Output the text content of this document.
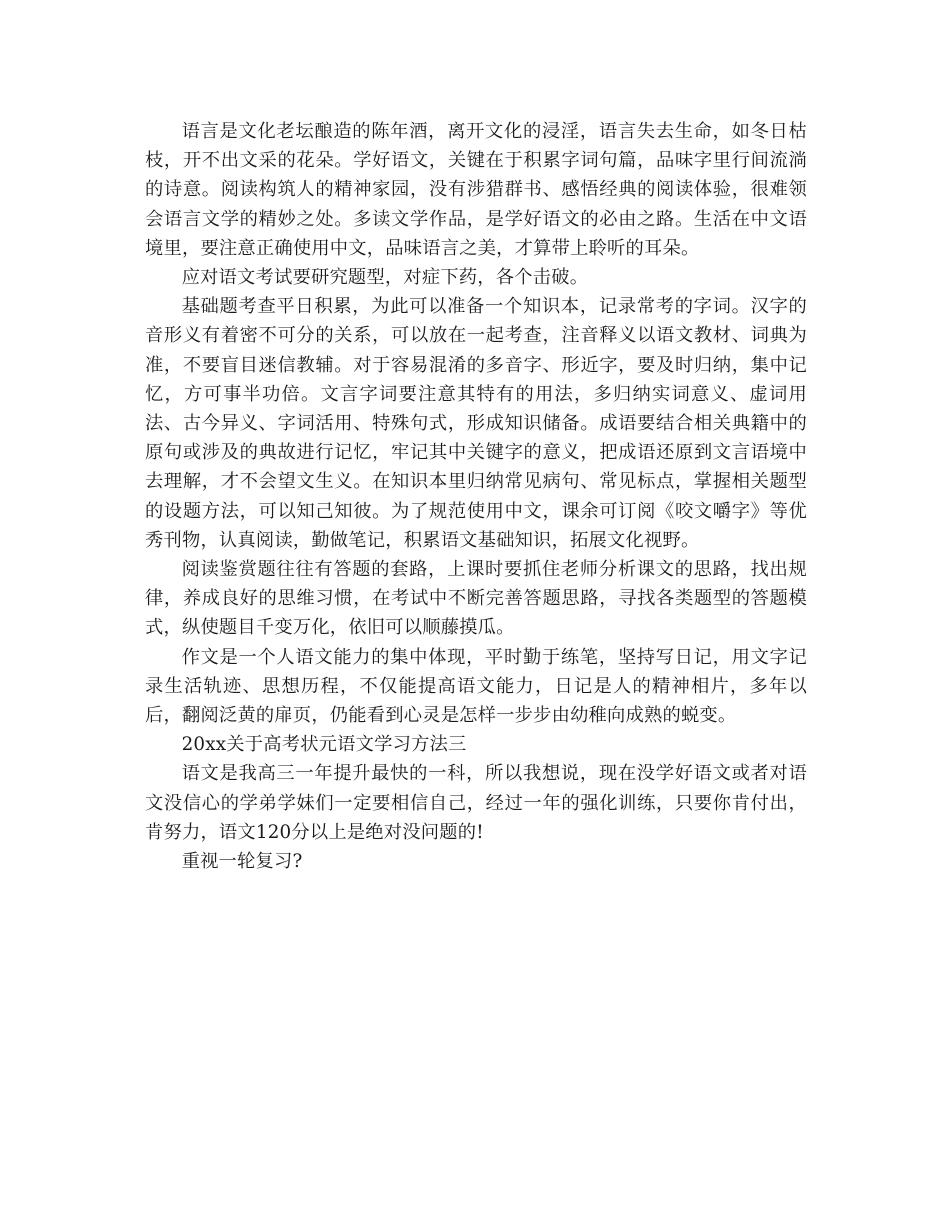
语言是文化老坛酿造的陈年酒，离开文化的浸淫，语言失去生命，如冬日枯枝，开不出文采的花朵。学好语文，关键在于积累字词句篇，品味字里行间流淌的诗意。阅读构筑人的精神家园，没有涉猎群书、感悟经典的阅读体验，很难领会语言文学的精妙之处。多读文学作品，是学好语文的必由之路。生活在中文语境里，要注意正确使用中文，品味语言之美，才算带上聆听的耳朵。

应对语文考试要研究题型，对症下药，各个击破。

基础题考查平日积累，为此可以准备一个知识本，记录常考的字词。汉字的音形义有着密不可分的关系，可以放在一起考查，注音释义以语文教材、词典为准，不要盲目迷信教辅。对于容易混淆的多音字、形近字，要及时归纳，集中记忆，方可事半功倍。文言字词要注意其特有的用法，多归纳实词意义、虚词用法、古今异义、字词活用、特殊句式，形成知识储备。成语要结合相关典籍中的原句或涉及的典故进行记忆，牢记其中关键字的意义，把成语还原到文言语境中去理解，才不会望文生义。在知识本里归纳常见病句、常见标点，掌握相关题型的设题方法，可以知己知彼。为了规范使用中文，课余可订阅《咬文嚼字》等优秀刊物，认真阅读，勤做笔记，积累语文基础知识，拓展文化视野。

阅读鉴赏题往往有答题的套路，上课时要抓住老师分析课文的思路，找出规律，养成良好的思维习惯，在考试中不断完善答题思路，寻找各类题型的答题模式，纵使题目千变万化，依旧可以顺藤摸瓜。

作文是一个人语文能力的集中体现，平时勤于练笔，坚持写日记，用文字记录生活轨迹、思想历程，不仅能提高语文能力，日记是人的精神相片，多年以后，翻阅泛黄的扉页，仍能看到心灵是怎样一步步由幼稚向成熟的蜕变。

20xx关于高考状元语文学习方法三

语文是我高三一年提升最快的一科，所以我想说，现在没学好语文或者对语文没信心的学弟学妹们一定要相信自己，经过一年的强化训练，只要你肯付出，肯努力，语文120分以上是绝对没问题的!

重视一轮复习?
